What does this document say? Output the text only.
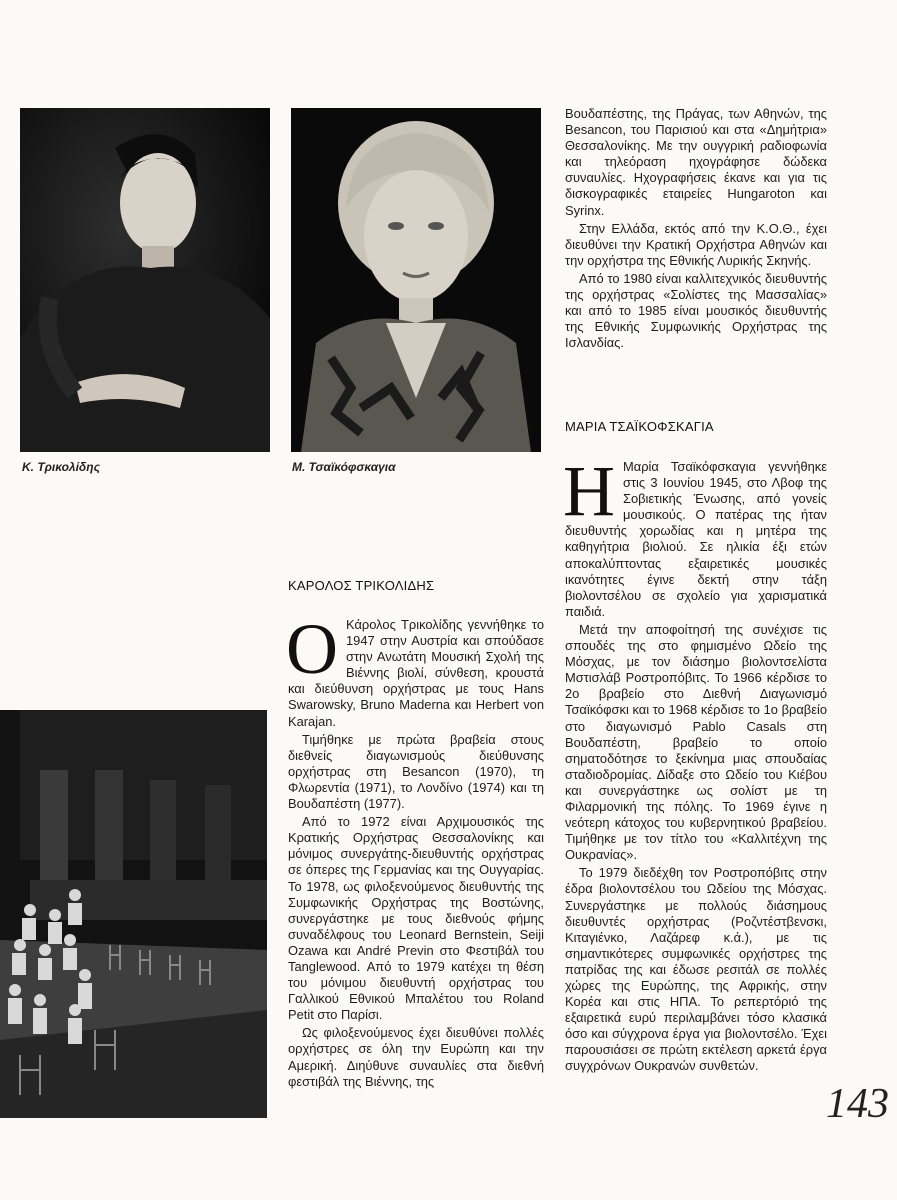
Κ. Τρικολίδης	Μ. Τσαϊκόφσκαγια
ΚΑΡΟΛΟΣ ΤΡΙΚΟΛΙΔΗΣ
Ο Κάρολος Τρικολίδης γεννήθηκε το 1947 στην Αυστρία και σπούδασε στην Ανωτάτη Μουσική Σχολή της Βιέννης βιολί, σύνθεση, κρουστά και διεύθυνση ορχήστρας με τους Hans Swarowsky, Bruno Maderna και Herbert von Karajan.

Τιμήθηκε με πρώτα βραβεία στους διεθνείς διαγωνισμούς διεύθυνσης ορχήστρας στη Besancon (1970), τη Φλωρεντία (1971), το Λονδίνο (1974) και τη Βουδαπέστη (1977).

Από το 1972 είναι Αρχιμουσικός της Κρατικής Ορχήστρας Θεσσαλονίκης και μόνιμος συνεργάτης-διευθυντής ορχήστρας σε όπερες της Γερμανίας και της Ουγγαρίας. Το 1978, ως φιλοξενούμενος διευθυντής της Συμφωνικής Ορχήστρας της Βοστώνης, συνεργάστηκε με τους διεθνούς φήμης συναδέλφους του Leonard Bernstein, Seiji Ozawa και André Previn στο Φεστιβάλ του Tanglewood. Από το 1979 κατέχει τη θέση του μόνιμου διευθυντή ορχήστρας του Γαλλικού Εθνικού Μπαλέτου του Roland Petit στο Παρίσι.

Ως φιλοξενούμενος έχει διευθύνει πολλές ορχήστρες σε όλη την Ευρώπη και την Αμερική. Διηύθυνε συναυλίες στα διεθνή φεστιβάλ της Βιέννης, της

Βουδαπέστης, της Πράγας, των Αθηνών, της Besancon, του Παρισιού και στα «Δημήτρια» Θεσσαλονίκης. Με την ουγγρική ραδιοφωνία και τηλεόραση ηχογράφησε δώδεκα συναυλίες. Ηχογραφήσεις έκανε και για τις δισκογραφικές εταιρείες Hungaroton και Syrinx.

Στην Ελλάδα, εκτός από την Κ.Ο.Θ., έχει διευθύνει την Κρατική Ορχήστρα Αθηνών και την ορχήστρα της Εθνικής Λυρικής Σκηνής.

Από το 1980 είναι καλλιτεχνικός διευθυντής της ορχήστρας «Σολίστες της Μασσαλίας» και από το 1985 είναι μουσικός διευθυντής της Εθνικής Συμφωνικής Ορχήστρας της Ισλανδίας.

ΜΑΡΙΑ ΤΣΑΪΚΟΦΣΚΑΓΙΑ
Η Μαρία Τσαϊκόφσκαγια γεννήθηκε στις 3 Ιουνίου 1945, στο Λβοφ της Σοβιετικής Ένωσης, από γονείς μουσικούς. Ο πατέρας της ήταν διευθυντής χορωδίας και η μητέρα της καθηγήτρια βιολιού. Σε ηλικία έξι ετών αποκαλύπτοντας εξαιρετικές μουσικές ικανότητες έγινε δεκτή στην τάξη βιολοντσέλου σε σχολείο για χαρισματικά παιδιά.

Μετά την αποφοίτησή της συνέχισε τις σπουδές της στο φημισμένο Ωδείο της Μόσχας, με τον διάσημο βιολοντσελίστα Μστισλάβ Ροστροπόβιτς. Το 1966 κέρδισε το 2ο βραβείο στο Διεθνή Διαγωνισμό Τσαϊκόφσκι και το 1968 κέρδισε το 1ο βραβείο στο διαγωνισμό Pablo Casals στη Βουδαπέστη, βραβείο το οποίο σηματοδότησε το ξεκίνημα μιας σπουδαίας σταδιοδρομίας. Δίδαξε στο Ωδείο του Κιέβου και συνεργάστηκε ως σολίστ με τη Φιλαρμονική της πόλης. Το 1969 έγινε η νεότερη κάτοχος του κυβερνητικού βραβείου. Τιμήθηκε με τον τίτλο του «Καλλιτέχνη της Ουκρανίας».

Το 1979 διεδέχθη τον Ροστροπόβιτς στην έδρα βιολοντσέλου του Ωδείου της Μόσχας. Συνεργάστηκε με πολλούς διάσημους διευθυντές ορχήστρας (Ροζντέστβενσκι, Κιταγιένκο, Λαζάρεφ κ.ά.), με τις σημαντικότερες συμφωνικές ορχήστρες της πατρίδας της και έδωσε ρεσιτάλ σε πολλές χώρες της Ευρώπης, της Αφρικής, στην Κορέα και στις ΗΠΑ. Το ρεπερτόριό της εξαιρετικά ευρύ περιλαμβάνει τόσο κλασικά όσο και σύγχρονα έργα για βιολοντσέλο. Έχει παρουσιάσει σε πρώτη εκτέλεση αρκετά έργα συγχρόνων Ουκρανών συνθετών.

143
